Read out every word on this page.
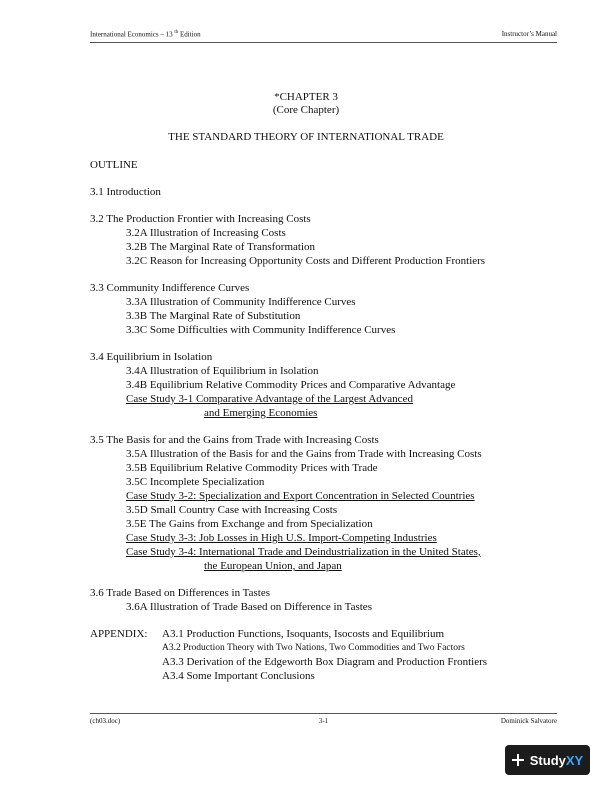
International Economics – 13 $^{th}$ Edition	Instructor’s Manual
*CHAPTER 3
(Core Chapter)
THE STANDARD THEORY OF INTERNATIONAL TRADE
OUTLINE
3.1 Introduction
3.2 The Production Frontier with Increasing Costs
3.2A Illustration of Increasing Costs
3.2B The Marginal Rate of Transformation
3.2C Reason for Increasing Opportunity Costs and Different Production Frontiers
3.3 Community Indifference Curves
3.3A Illustration of Community Indifference Curves
3.3B The Marginal Rate of Substitution
3.3C Some Difficulties with Community Indifference Curves
3.4 Equilibrium in Isolation
3.4A Illustration of Equilibrium in Isolation
3.4B Equilibrium Relative Commodity Prices and Comparative Advantage
Case Study 3-1 Comparative Advantage of the Largest Advanced
and Emerging Economies
3.5 The Basis for and the Gains from Trade with Increasing Costs
3.5A Illustration of the Basis for and the Gains from Trade with Increasing Costs
3.5B Equilibrium Relative Commodity Prices with Trade
3.5C Incomplete Specialization
Case Study 3-2: Specialization and Export Concentration in Selected Countries
3.5D Small Country Case with Increasing Costs
3.5E The Gains from Exchange and from Specialization
Case Study 3-3: Job Losses in High U.S. Import-Competing Industries
Case Study 3-4: International Trade and Deindustrialization in the United States,
the European Union, and Japan
3.6 Trade Based on Differences in Tastes
3.6A Illustration of Trade Based on Difference in Tastes
APPENDIX: A3.1 Production Functions, Isoquants, Isocosts and Equilibrium
A3.2 Production Theory with Two Nations, Two Commodities and Two Factors
A3.3 Derivation of the Edgeworth Box Diagram and Production Frontiers
A3.4 Some Important Conclusions
(ch03.doc)	3-1	Dominick Salvatore
StudyXY
